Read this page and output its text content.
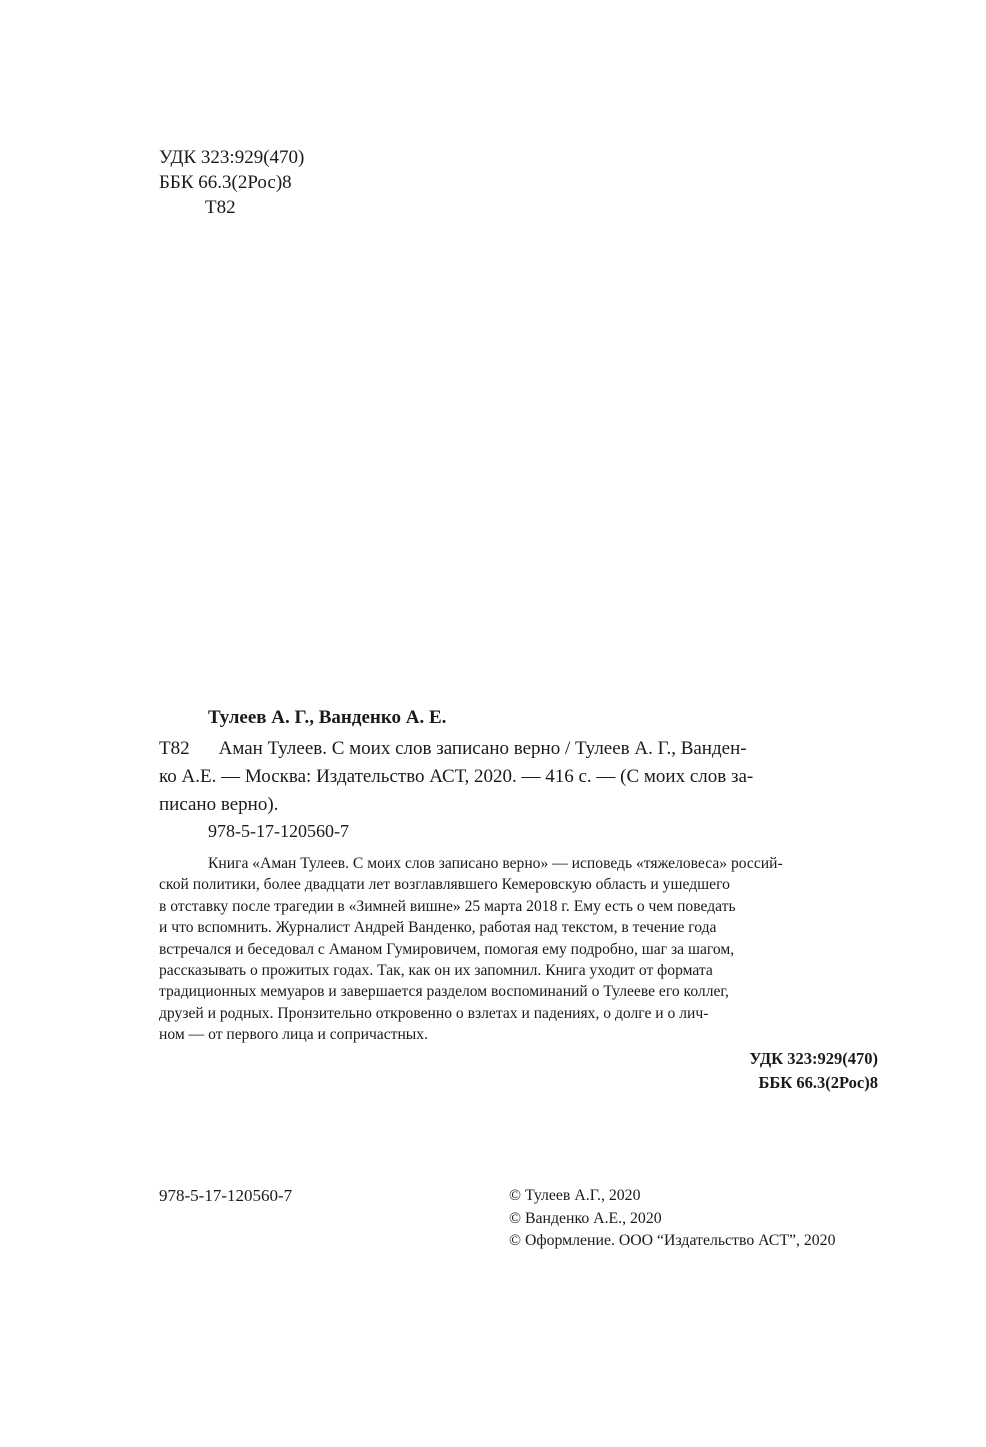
УДК 323:929(470)
ББК 66.3(2Рос)8
Т82
Тулеев А. Г., Ванденко А. Е.
Т82 Аман Тулеев. С моих слов записано верно / Тулеев А. Г., Ванден-
ко А.Е. — Москва: Издательство АСТ, 2020. — 416 с. — (С моих слов за-
писано верно).
978-5-17-120560-7
Книга «Аман Тулеев. С моих слов записано верно» — исповедь «тяжеловеса» россий-
ской политики, более двадцати лет возглавлявшего Кемеровскую область и ушедшего
в отставку после трагедии в «Зимней вишне» 25 марта 2018 г. Ему есть о чем поведать
и что вспомнить. Журналист Андрей Ванденко, работая над текстом, в течение года
встречался и беседовал с Аманом Гумировичем, помогая ему подробно, шаг за шагом,
рассказывать о прожитых годах. Так, как он их запомнил. Книга уходит от формата
традиционных мемуаров и завершается разделом воспоминаний о Тулееве его коллег,
друзей и родных. Пронзительно откровенно о взлетах и падениях, о долге и о лич-
ном — от первого лица и сопричастных.
УДК 323:929(470)
ББК 66.3(2Рос)8
978-5-17-120560-7	© Тулеев А.Г., 2020
© Ванденко А.Е., 2020
© Оформление. ООО “Издательство АСТ”, 2020
